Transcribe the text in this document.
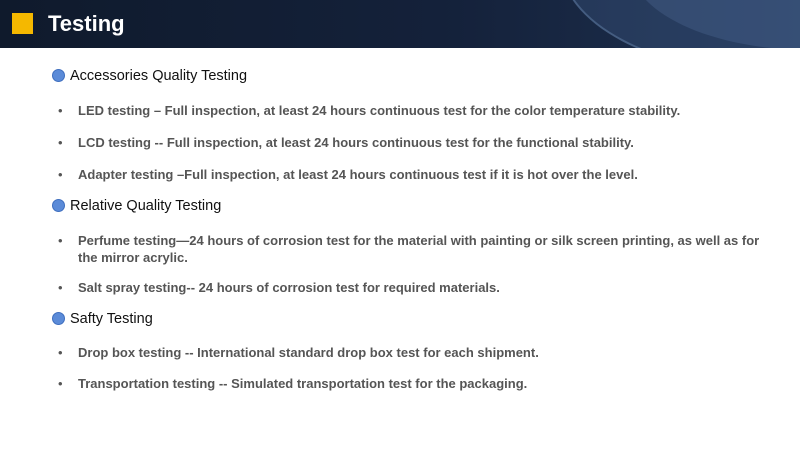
Testing
Accessories Quality Testing
•	LED testing – Full inspection, at least 24 hours continuous test for the color temperature stability.
•	LCD testing -- Full inspection, at least 24 hours continuous test for the functional stability.
•	Adapter testing –Full inspection, at least 24 hours continuous test if it is hot over the level.
Relative Quality Testing
•	Perfume testing—24 hours of corrosion test for the material with painting or silk screen printing, as well as for the mirror acrylic.
•	Salt spray testing-- 24 hours of corrosion test for required materials.
Safty Testing
•	Drop box testing -- International standard drop box test for each shipment.
•	Transportation testing -- Simulated transportation test for the packaging.
